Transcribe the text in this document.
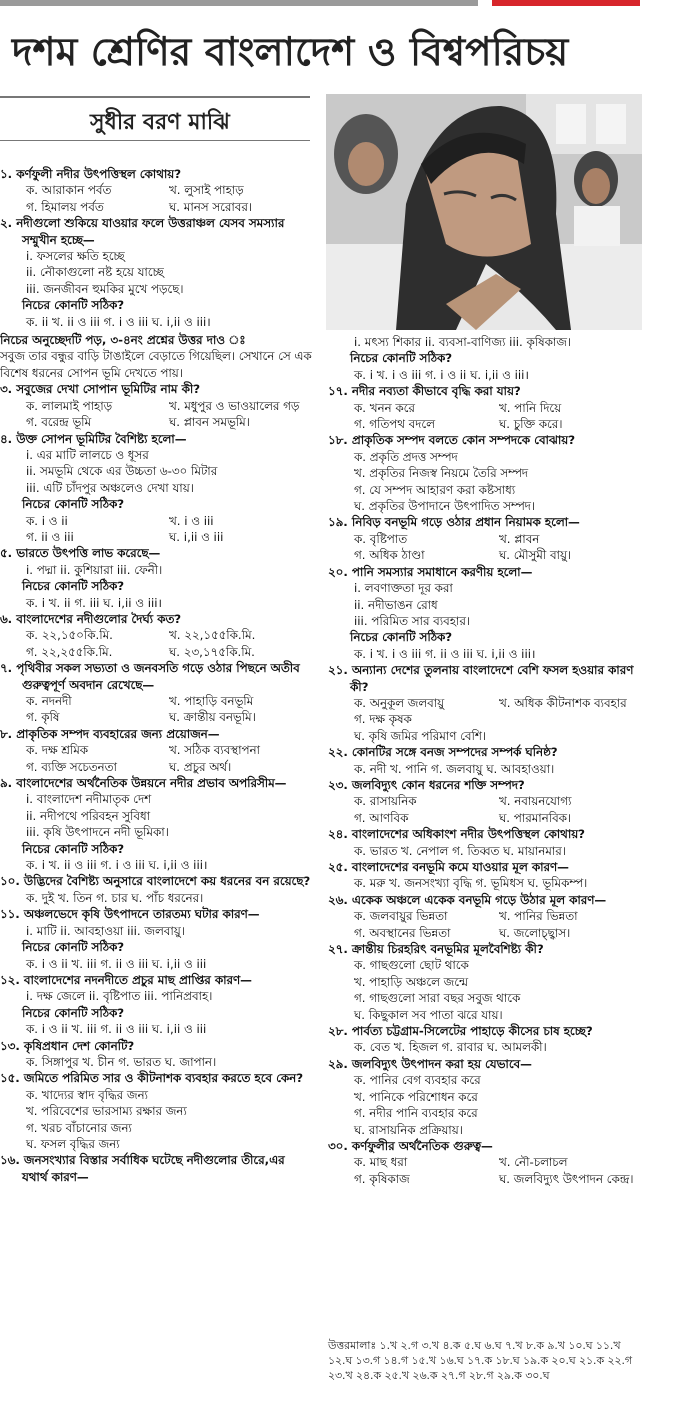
দশম শ্রেণির বাংলাদেশ ও বিশ্বপরিচয়
সুধীর বরণ মাঝি
১. কর্ণফুলী নদীর উৎপত্তিস্থল কোথায়?
ক. আরাকান পর্বত	খ. লুসাই পাহাড়
গ. হিমালয় পর্বত	ঘ. মানস সরোবর।
২. নদীগুলো শুকিয়ে যাওয়ার ফলে উত্তরাঞ্চল যেসব সমস্যার সম্মুখীন হচ্ছে—
i. ফসলের ক্ষতি হচ্ছে
ii. নৌকাগুলো নষ্ট হয়ে যাচ্ছে
iii. জনজীবন হুমকির মুখে পড়ছে।
নিচের কোনটি সঠিক?
ক. ii খ. ii ও iii গ. i ও iii ঘ. i,ii ও iii।
নিচের অনুচ্ছেদটি পড়, ৩-৪নং প্রশ্নের উত্তর দাও ঃ
সবুজ তার বন্ধুর বাড়ি টাঙাইলে বেড়াতে গিয়েছিল। সেখানে সে এক বিশেষ ধরনের সোপন ভূমি দেখতে পায়।
৩. সবুজের দেখা সোপান ভূমিটির নাম কী?
ক. লালমাই পাহাড়	খ. মধুপুর ও ভাওয়ালের গড়
গ. বরেন্দ্র ভূমি	ঘ. প্লাবন সমভূমি।
৪. উক্ত সোপন ভূমিটির বৈশিষ্ট্য হলো—
i. এর মাটি লালচে ও ধূসর
ii. সমভূমি থেকে এর উচ্চতা ৬-৩০ মিটার
iii. এটি চাঁদপুর অঞ্চলেও দেখা যায়।
নিচের কোনটি সঠিক?
ক. i ও ii	খ. i ও iii
গ. ii ও iii	ঘ. i,ii ও iii
৫. ভারতে উৎপত্তি লাভ করেছে—
i. পদ্মা ii. কুশিয়ারা iii. ফেনী।
নিচের কোনটি সঠিক?
ক. i খ. ii গ. iii ঘ. i,ii ও iii।
৬. বাংলাদেশের নদীগুলোর দৈর্ঘ্য কত?
ক. ২২,১৫০কি.মি.	খ. ২২,১৫৫কি.মি.
গ. ২২,২৫৫কি.মি.	ঘ. ২৩,১৭৫কি.মি.
৭. পৃথিবীর সকল সভ্যতা ও জনবসতি গড়ে ওঠার পিছনে অতীব গুরুত্বপূর্ণ অবদান রেখেছে—
ক. নদনদী	খ. পাহাড়ি বনভূমি
গ. কৃষি	ঘ. ক্রান্তীয় বনভূমি।
৮. প্রাকৃতিক সম্পদ ব্যবহারের জন্য প্রয়োজন—
ক. দক্ষ শ্রমিক	খ. সঠিক ব্যবস্থাপনা
গ. ব্যক্তি সচেতনতা	ঘ. প্রচুর অর্থ।
৯. বাংলাদেশের অর্থনৈতিক উন্নয়নে নদীর প্রভাব অপরিসীম—
i. বাংলাদেশ নদীমাতৃক দেশ
ii. নদীপথে পরিবহন সুবিধা
iii. কৃষি উৎপাদনে নদী ভূমিকা।
নিচের কোনটি সঠিক?
ক. i খ. ii ও iii গ. i ও iii ঘ. i,ii ও iii।
১০. উদ্ভিদের বৈশিষ্ট্য অনুসারে বাংলাদেশে কয় ধরনের বন রয়েছে?
ক. দুই খ. তিন গ. চার ঘ. পাঁচ ধরনের।
১১. অঞ্চলভেদে কৃষি উৎপাদনে তারতম্য ঘটার কারণ—
i. মাটি ii. আবহাওয়া iii. জলবায়ু।
নিচের কোনটি সঠিক?
ক. i ও ii খ. iii গ. ii ও iii ঘ. i,ii ও iii
১২. বাংলাদেশের নদনদীতে প্রচুর মাছ প্রাপ্তির কারণ—
i. দক্ষ জেলে ii. বৃষ্টিপাত iii. পানিপ্রবাহ।
নিচের কোনটি সঠিক?
ক. i ও ii খ. iii গ. ii ও iii ঘ. i,ii ও iii
১৩. কৃষিপ্রধান দেশ কোনটি?
ক. সিঙ্গাপুর খ. চীন গ. ভারত ঘ. জাপান।
১৫. জমিতে পরিমিত সার ও কীটনাশক ব্যবহার করতে হবে কেন?
ক. খাদ্যের স্বাদ বৃদ্ধির জন্য
খ. পরিবেশের ভারসাম্য রক্ষার জন্য
গ. খরচ বাঁচানোর জন্য
ঘ. ফসল বৃদ্ধির জন্য
১৬. জনসংখ্যার বিস্তার সর্বাধিক ঘটেছে নদীগুলোর তীরে,এর যথার্থ কারণ—
i. মৎস্য শিকার ii. ব্যবসা-বাণিজ্য iii. কৃষিকাজ।
নিচের কোনটি সঠিক?
ক. i খ. i ও iii গ. i ও ii ঘ. i,ii ও iii।
১৭. নদীর নব্যতা কীভাবে বৃদ্ধি করা যায়?
ক. খনন করে	খ. পানি দিয়ে
গ. গতিপথ বদলে	ঘ. চুক্তি করে।
১৮. প্রাকৃতিক সম্পদ বলতে কোন সম্পদকে বোঝায়?
ক. প্রকৃতি প্রদত্ত সম্পদ
খ. প্রকৃতির নিজস্ব নিয়মে তৈরি সম্পদ
গ. যে সম্পদ আহারণ করা কষ্টসাধ্য
ঘ. প্রকৃতির উপাদানে উৎপাদিত সম্পদ।
১৯. নিবিড় বনভূমি গড়ে ওঠার প্রধান নিয়ামক হলো—
ক. বৃষ্টিপাত	খ. প্লাবন
গ. অধিক ঠাণ্ডা	ঘ. মৌসুমী বায়ু।
২০. পানি সমস্যার সমাধানে করণীয় হলো—
i. লবণাক্ততা দূর করা
ii. নদীভাঙন রোধ
iii. পরিমিত সার ব্যবহার।
নিচের কোনটি সঠিক?
ক. i খ. i ও iii গ. ii ও iii ঘ. i,ii ও iii।
২১. অন্যান্য দেশের তুলনায় বাংলাদেশে বেশি ফসল হওয়ার কারণ কী?
ক. অনুকূল জলবায়ু	খ. অধিক কীটনাশক ব্যবহার
গ. দক্ষ কৃষক
ঘ. কৃষি জমির পরিমাণ বেশি।
২২. কোনটির সঙ্গে বনজ সম্পদের সম্পর্ক ঘনিষ্ঠ?
ক. নদী খ. পানি গ. জলবায়ু ঘ. আবহাওয়া।
২৩. জলবিদ্যুৎ কোন ধরনের শক্তি সম্পদ?
ক. রাসায়নিক	খ. নবায়নযোগ্য
গ. আণবিক	ঘ. পারমানবিক।
২৪. বাংলাদেশের অধিকাংশ নদীর উৎপত্তিস্থল কোথায়?
ক. ভারত খ. নেপাল গ. তিব্বত ঘ. মায়ানমার।
২৫. বাংলাদেশের বনভূমি কমে যাওয়ার মূল কারণ—
ক. মরু খ. জনসংখ্যা বৃদ্ধি গ. ভূমিধস ঘ. ভূমিকম্প।
২৬. একেক অঞ্চলে একেক বনভূমি গড়ে উঠার মূল কারণ—
ক. জলবায়ুর ভিন্নতা	খ. পানির ভিন্নতা
গ. অবস্থানের ভিন্নতা	ঘ. জলোচ্ছ্বাস।
২৭. ক্রান্তীয় চিরহরিৎ বনভূমির মূলবৈশিষ্ট্য কী?
ক. গাছগুলো ছোট থাকে
খ. পাহাড়ি অঞ্চলে জন্মে
গ. গাছগুলো সারা বছর সবুজ থাকে
ঘ. কিছুকাল সব পাতা ঝরে যায়।
২৮. পার্বত্য চট্টগ্রাম-সিলেটের পাহাড়ে কীসের চাষ হচ্ছে?
ক. বেত খ. হিজল গ. রাবার ঘ. আমলকী।
২৯. জলবিদ্যুৎ উৎপাদন করা হয় যেভাবে—
ক. পানির বেগ ব্যবহার করে
খ. পানিকে পরিশোধন করে
গ. নদীর পানি ব্যবহার করে
ঘ. রাসায়নিক প্রক্রিয়ায়।
৩০. কর্ণফুলীর অর্থনৈতিক গুরুত্ব—
ক. মাছ ধরা	খ. নৌ-চলাচল
গ. কৃষিকাজ	ঘ. জলবিদ্যুৎ উৎপাদন কেন্দ্র।
উত্তরমালাঃ ১.খ ২.গ ৩.খ ৪.ক ৫.ঘ ৬.ঘ ৭.খ ৮.ক ৯.খ ১০.ঘ ১১.খ ১২.ঘ ১৩.গ ১৪.গ ১৫.খ ১৬.ঘ ১৭.ক ১৮.ঘ ১৯.ক ২০.ঘ ২১.ক ২২.গ ২৩.খ ২৪.ক ২৫.খ ২৬.ক ২৭.গ ২৮.গ ২৯.ক ৩০.ঘ
